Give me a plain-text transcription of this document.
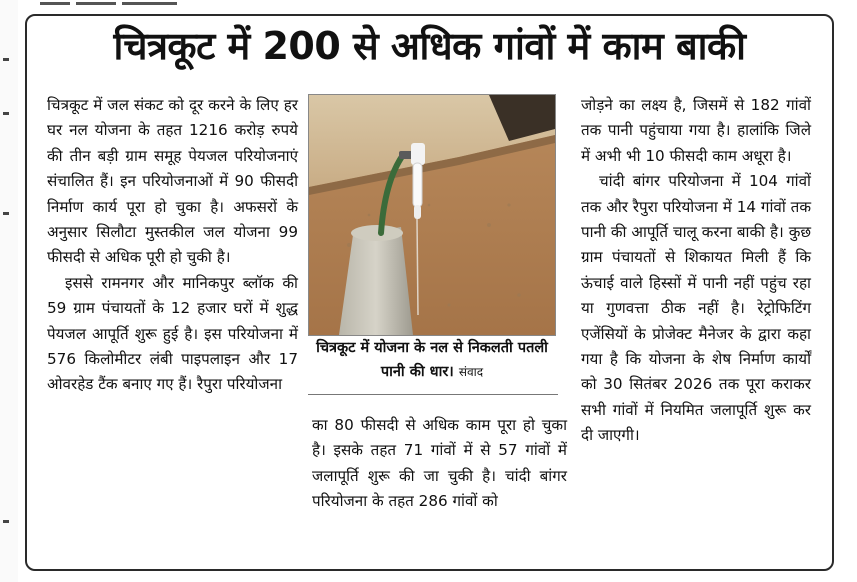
चित्रकूट में 200 से अधिक गांवों में काम बाकी

चित्रकूट में जल संकट को दूर करने के लिए हर घर नल योजना के तहत 1216 करोड़ रुपये की तीन बड़ी ग्राम समूह पेयजल परियोजनाएं संचालित हैं। इन परियोजनाओं में 90 फीसदी निर्माण कार्य पूरा हो चुका है। अफसरों के अनुसार सिलौटा मुस्तकील जल योजना 99 फीसदी से अधिक पूरी हो चुकी है।

इससे रामनगर और मानिकपुर ब्लॉक की 59 ग्राम पंचायतों के 12 हजार घरों में शुद्ध पेयजल आपूर्ति शुरू हुई है। इस परियोजना में 576 किलोमीटर लंबी पाइपलाइन और 17 ओवरहेड टैंक बनाए गए हैं। रैपुरा परियोजना

चित्रकूट में योजना के नल से निकलती पतली पानी की धार। संवाद

का 80 फीसदी से अधिक काम पूरा हो चुका है। इसके तहत 71 गांवों में से 57 गांवों में जलापूर्ति शुरू की जा चुकी है। चांदी बांगर परियोजना के तहत 286 गांवों को

जोड़ने का लक्ष्य है, जिसमें से 182 गांवों तक पानी पहुंचाया गया है। हालांकि जिले में अभी भी 10 फीसदी काम अधूरा है।

चांदी बांगर परियोजना में 104 गांवों तक और रैपुरा परियोजना में 14 गांवों तक पानी की आपूर्ति चालू करना बाकी है। कुछ ग्राम पंचायतों से शिकायत मिली हैं कि ऊंचाई वाले हिस्सों में पानी नहीं पहुंच रहा या गुणवत्ता ठीक नहीं है। रेट्रोफिटिंग एजेंसियों के प्रोजेक्ट मैनेजर के द्वारा कहा गया है कि योजना के शेष निर्माण कार्यों को 30 सितंबर 2026 तक पूरा कराकर सभी गांवों में नियमित जलापूर्ति शुरू कर दी जाएगी।
